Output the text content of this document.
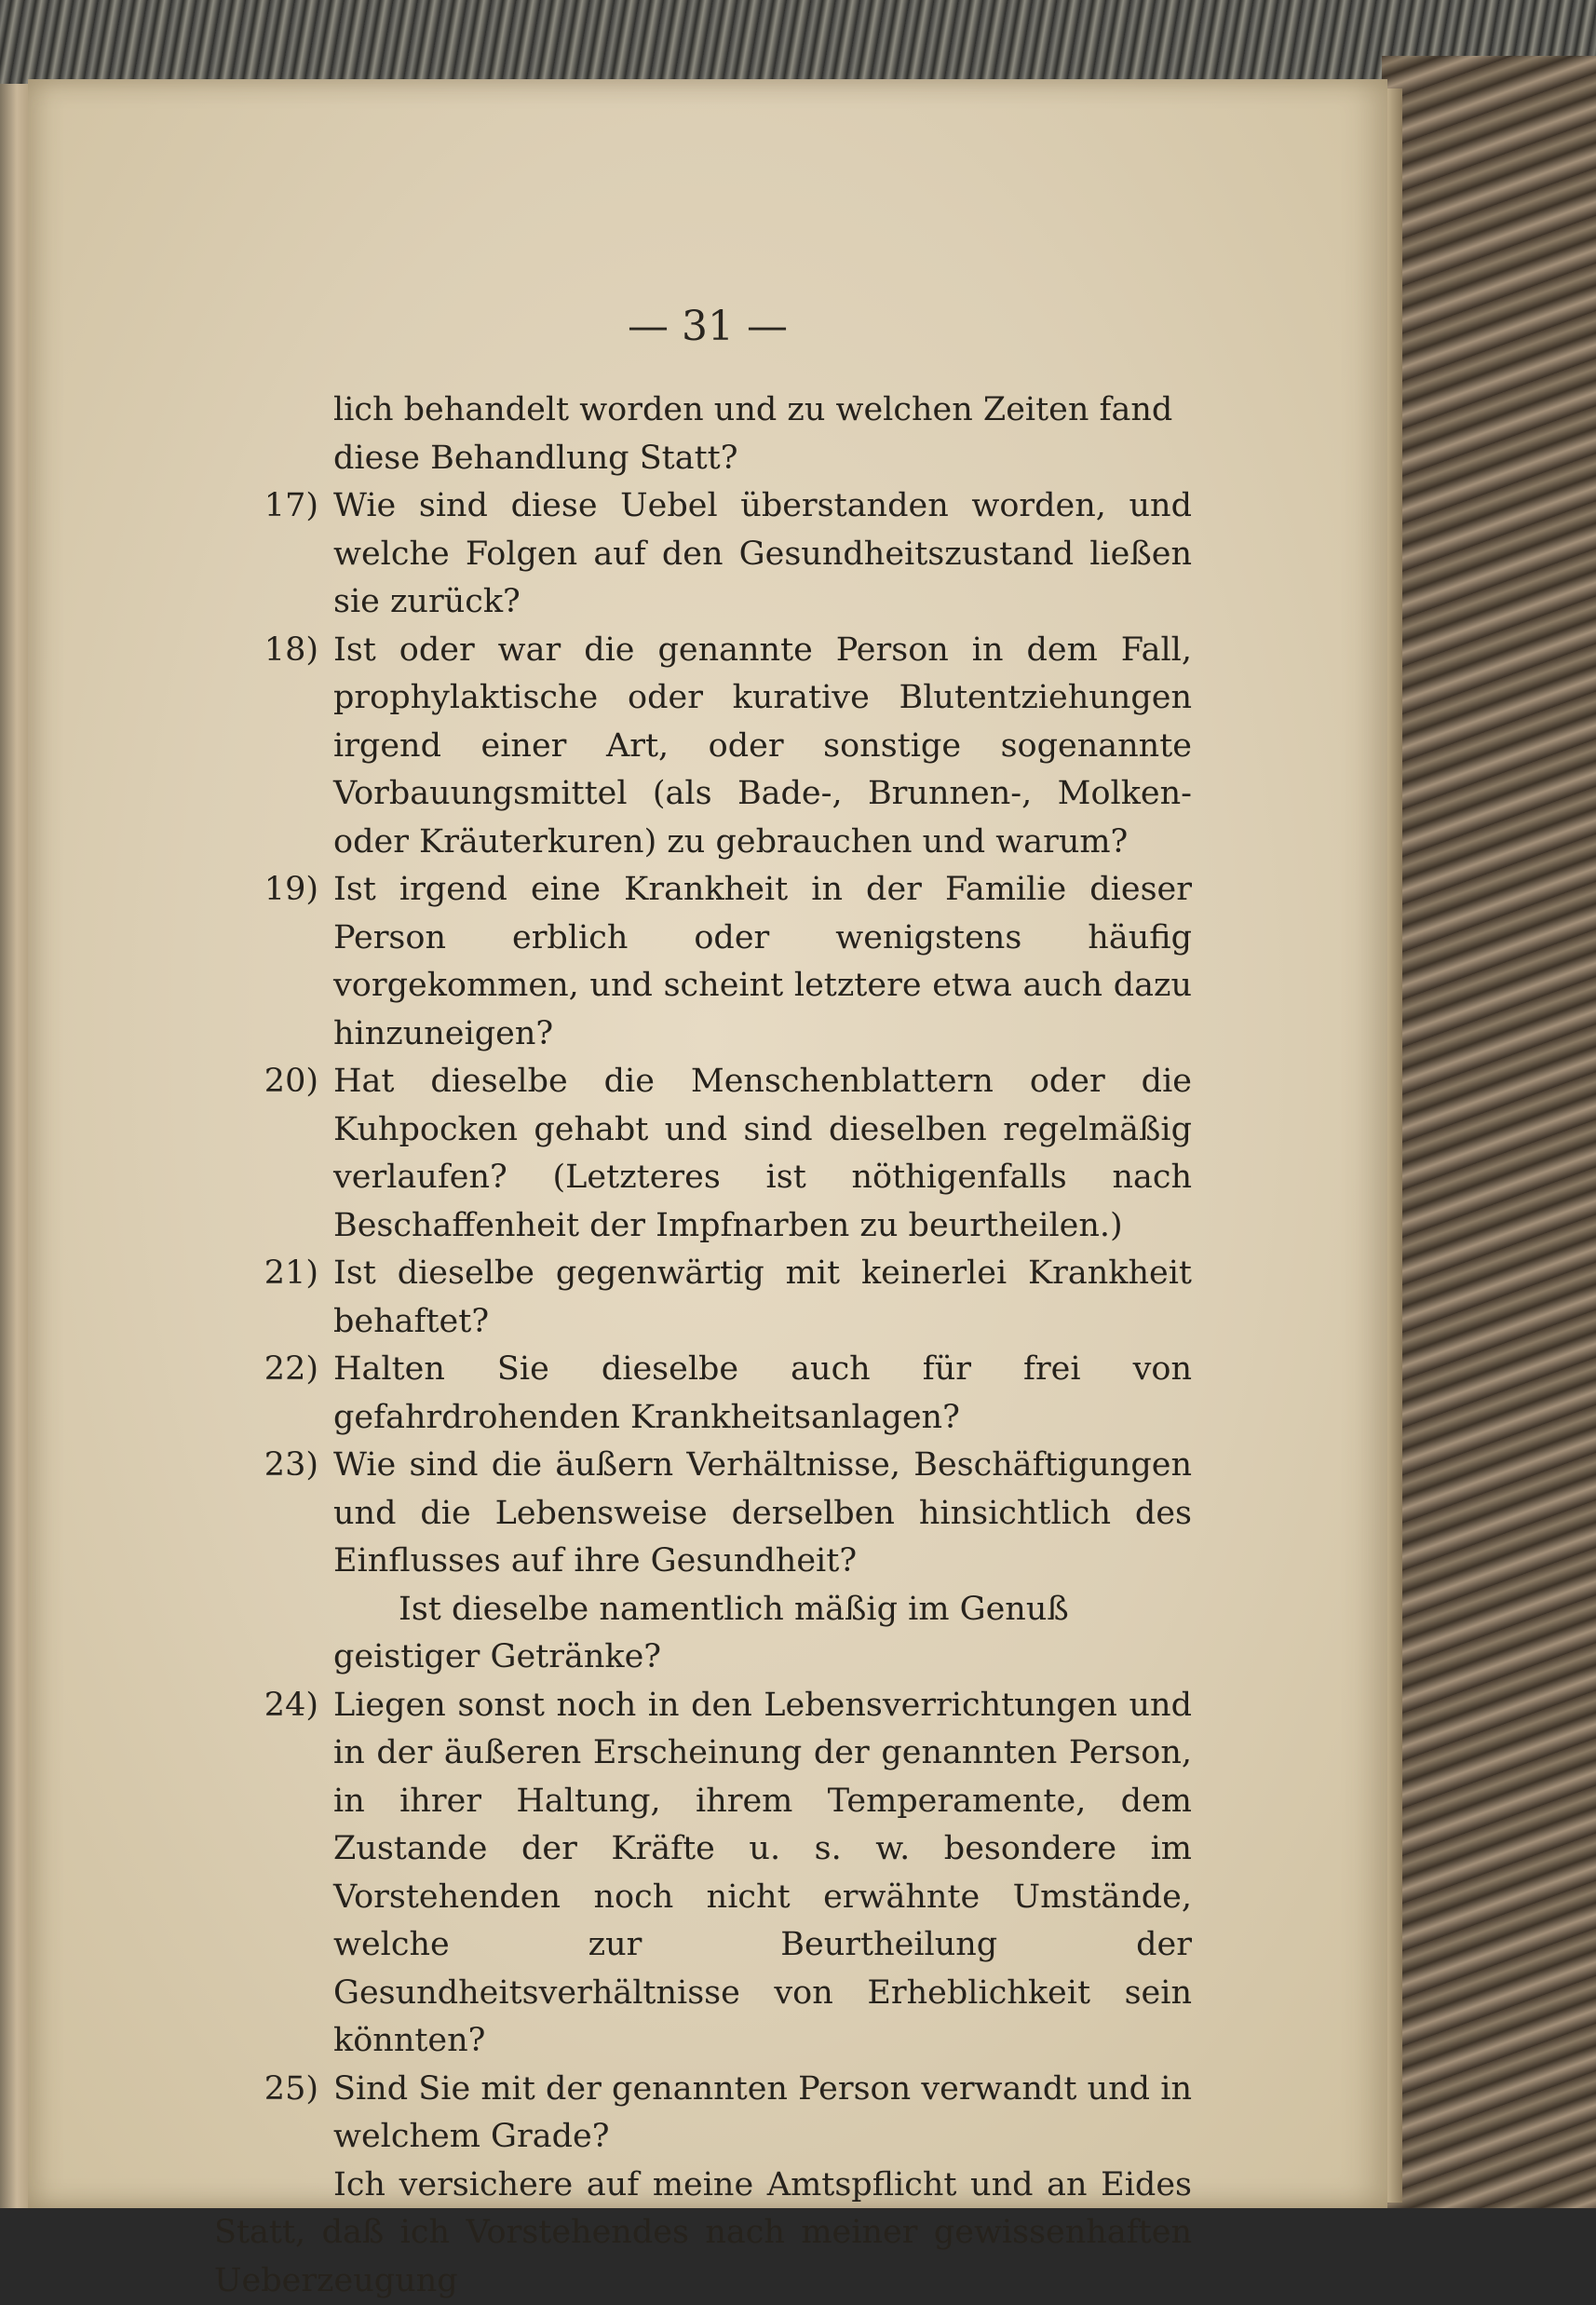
— 31 —
lich behandelt worden und zu welchen Zeiten fand diese Behandlung Statt?
17) Wie sind diese Uebel überstanden worden, und welche Folgen auf den Gesundheitszustand ließen sie zurück?
18) Ist oder war die genannte Person in dem Fall, prophylaktische oder kurative Blutentziehungen irgend einer Art, oder sonstige sogenannte Vorbauungsmittel (als Bade-, Brunnen-, Molken- oder Kräuterkuren) zu gebrauchen und warum?
19) Ist irgend eine Krankheit in der Familie dieser Person erblich oder wenigstens häufig vorgekommen, und scheint letztere etwa auch dazu hinzuneigen?
20) Hat dieselbe die Menschenblattern oder die Kuhpocken gehabt und sind dieselben regelmäßig verlaufen? (Letzteres ist nöthigenfalls nach Beschaffenheit der Impfnarben zu beurtheilen.)
21) Ist dieselbe gegenwärtig mit keinerlei Krankheit behaftet?
22) Halten Sie dieselbe auch für frei von gefahrdrohenden Krankheitsanlagen?
23) Wie sind die äußern Verhältnisse, Beschäftigungen und die Lebensweise derselben hinsichtlich des Einflusses auf ihre Gesundheit?
Ist dieselbe namentlich mäßig im Genuß geistiger Getränke?
24) Liegen sonst noch in den Lebensverrichtungen und in der äußeren Erscheinung der genannten Person, in ihrer Haltung, ihrem Temperamente, dem Zustande der Kräfte u. s. w. besondere im Vorstehenden noch nicht erwähnte Umstände, welche zur Beurtheilung der Gesundheitsverhältnisse von Erheblichkeit sein könnten?
25) Sind Sie mit der genannten Person verwandt und in welchem Grade?
Ich versichere auf meine Amtspflicht und an Eides Statt, daß ich Vorstehendes nach meiner gewissenhaften Ueberzeugung
